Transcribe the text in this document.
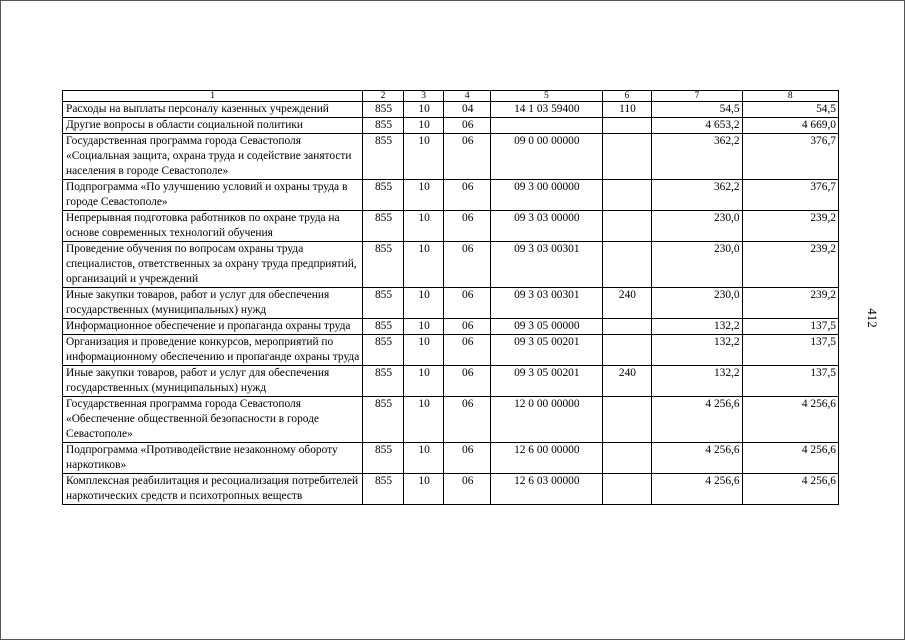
1	2	3	4	5	6	7	8
Расходы на выплаты персоналу казенных учреждений	855	10	04	14 1 03 59400	110	54,5	54,5
Другие вопросы в области социальной политики	855	10	06			4 653,2	4 669,0
Государственная программа города Севастополя «Социальная защита, охрана труда и содействие занятости населения в городе Севастополе»	855	10	06	09 0 00 00000		362,2	376,7
Подпрограмма «По улучшению условий и охраны труда в городе Севастополе»	855	10	06	09 3 00 00000		362,2	376,7
Непрерывная подготовка работников по охране труда на основе современных технологий обучения	855	10	06	09 3 03 00000		230,0	239,2
Проведение обучения по вопросам охраны труда специалистов, ответственных за охрану труда предприятий, организаций и учреждений	855	10	06	09 3 03 00301		230,0	239,2
Иные закупки товаров, работ и услуг для обеспечения государственных (муниципальных) нужд	855	10	06	09 3 03 00301	240	230,0	239,2
Информационное обеспечение и пропаганда охраны труда	855	10	06	09 3 05 00000		132,2	137,5
Организация и проведение конкурсов, мероприятий по информационному обеспечению и пропаганде охраны труда	855	10	06	09 3 05 00201		132,2	137,5
Иные закупки товаров, работ и услуг для обеспечения государственных (муниципальных) нужд	855	10	06	09 3 05 00201	240	132,2	137,5
Государственная программа города Севастополя «Обеспечение общественной безопасности в городе Севастополе»	855	10	06	12 0 00 00000		4 256,6	4 256,6
Подпрограмма «Противодействие незаконному обороту наркотиков»	855	10	06	12 6 00 00000		4 256,6	4 256,6
Комплексная реабилитация и ресоциализация потребителей наркотических средств и психотропных веществ	855	10	06	12 6 03 00000		4 256,6	4 256,6
412
